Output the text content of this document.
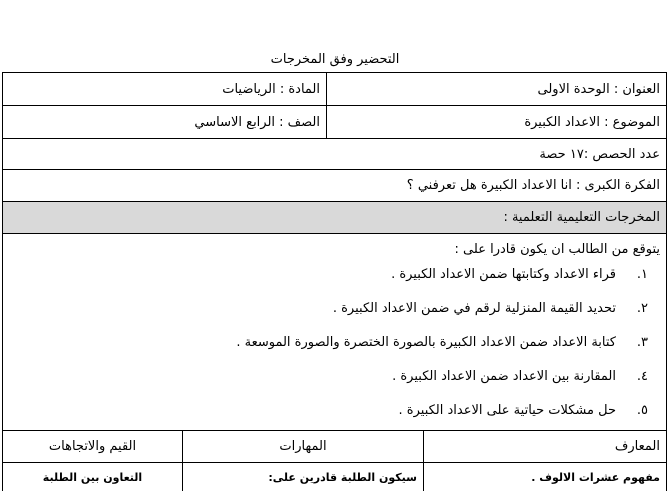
التحضير وفق المخرجات
المادة : الرياضيات	العنوان : الوحدة الاولى
الصف : الرابع الاساسي	الموضوع : الاعداد الكبيرة
عدد الحصص :١٧ حصة
الفكرة الكبرى : انا الاعداد الكبيرة هل تعرفني ؟
المخرجات التعليمية التعلمية :
يتوقع من الطالب ان يكون قادرا على :
١.
قراء الاعداد وكتابتها ضمن الاعداد الكبيرة .
٢.
تحديد القيمة المنزلية لرقم في ضمن الاعداد الكبيرة .
٣.
كتابة الاعداد ضمن الاعداد الكبيرة بالصورة الختصرة والصورة الموسعة .
٤.
المقارنة بين الاعداد ضمن الاعداد الكبيرة .
٥.
حل مشكلات حياتية على الاعداد الكبيرة .
القيم والاتجاهات	المهارات	المعارف
التعاون بين الطلبة	سيكون الطلبة قادرين على:	مفهوم عشرات الالوف .
